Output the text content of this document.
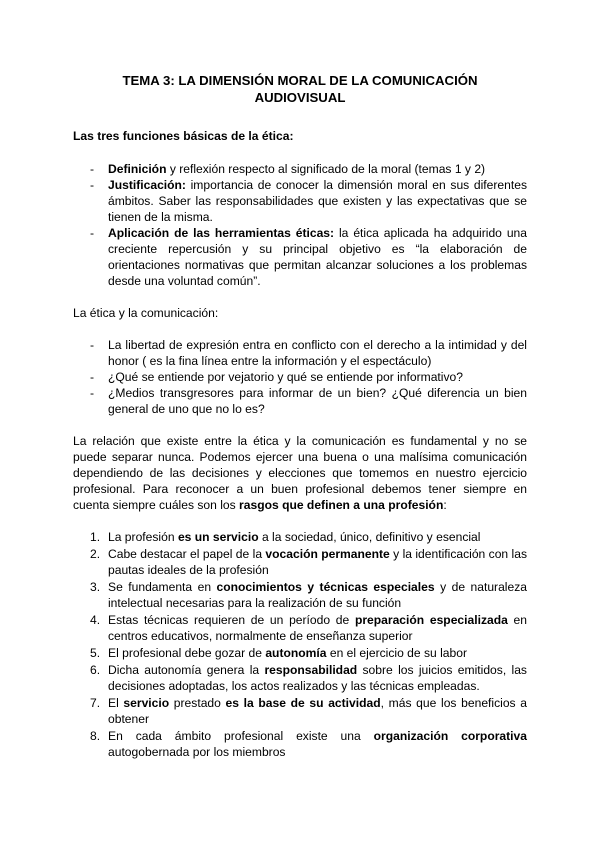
TEMA 3: LA DIMENSIÓN MORAL DE LA COMUNICACIÓN
AUDIOVISUAL

Las tres funciones básicas de la ética:

- Definición y reflexión respecto al significado de la moral (temas 1 y 2)
- Justificación: importancia de conocer la dimensión moral en sus diferentes ámbitos. Saber las responsabilidades que existen y las expectativas que se tienen de la misma.
- Aplicación de las herramientas éticas: la ética aplicada ha adquirido una creciente repercusión y su principal objetivo es “la elaboración de orientaciones normativas que permitan alcanzar soluciones a los problemas desde una voluntad común”.

La ética y la comunicación:

- La libertad de expresión entra en conflicto con el derecho a la intimidad y del honor ( es la fina línea entre la información y el espectáculo)
- ¿Qué se entiende por vejatorio y qué se entiende por informativo?
- ¿Medios transgresores para informar de un bien? ¿Qué diferencia un bien general de uno que no lo es?

La relación que existe entre la ética y la comunicación es fundamental y no se puede separar nunca. Podemos ejercer una buena o una malísima comunicación dependiendo de las decisiones y elecciones que tomemos en nuestro ejercicio profesional. Para reconocer a un buen profesional debemos tener siempre en cuenta siempre cuáles son los rasgos que definen a una profesión:

1. La profesión es un servicio a la sociedad, único, definitivo y esencial
2. Cabe destacar el papel de la vocación permanente y la identificación con las pautas ideales de la profesión
3. Se fundamenta en conocimientos y técnicas especiales y de naturaleza intelectual necesarias para la realización de su función
4. Estas técnicas requieren de un período de preparación especializada en centros educativos, normalmente de enseñanza superior
5. El profesional debe gozar de autonomía en el ejercicio de su labor
6. Dicha autonomía genera la responsabilidad sobre los juicios emitidos, las decisiones adoptadas, los actos realizados y las técnicas empleadas.
7. El servicio prestado es la base de su actividad, más que los beneficios a obtener
8. En cada ámbito profesional existe una organización corporativa autogobernada por los miembros
